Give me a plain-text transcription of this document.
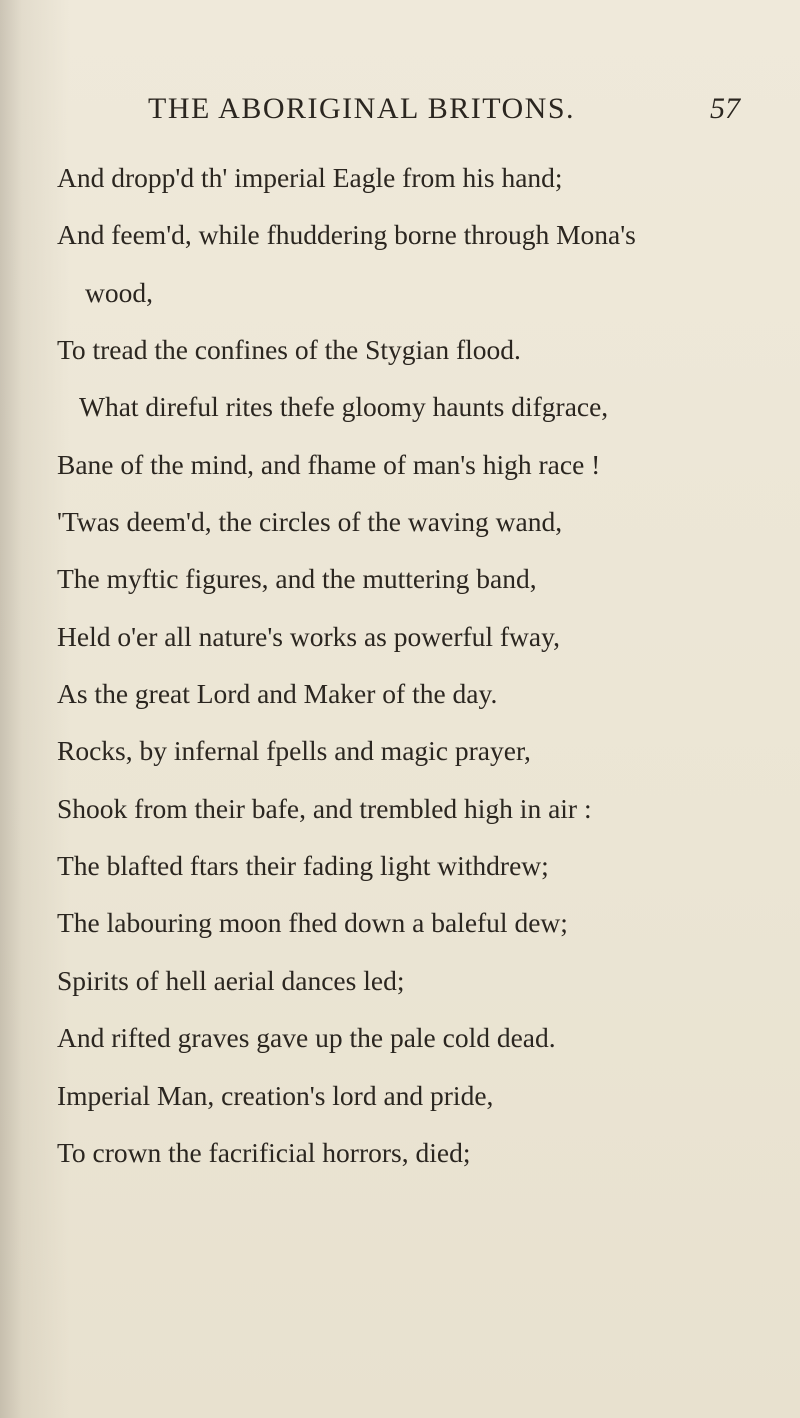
THE ABORIGINAL BRITONS.	57
And dropp'd th' imperial Eagle from his hand;
And feem'd, while fhuddering borne through Mona's
wood,
To tread the confines of the Stygian flood.
What direful rites thefe gloomy haunts difgrace,
Bane of the mind, and fhame of man's high race !
'Twas deem'd, the circles of the waving wand,
The myftic figures, and the muttering band,
Held o'er all nature's works as powerful fway,
As the great Lord and Maker of the day.
Rocks, by infernal fpells and magic prayer,
Shook from their bafe, and trembled high in air :
The blafted ftars their fading light withdrew;
The labouring moon fhed down a baleful dew;
Spirits of hell aerial dances led;
And rifted graves gave up the pale cold dead.
Imperial Man, creation's lord and pride,
To crown the facrificial horrors, died;
